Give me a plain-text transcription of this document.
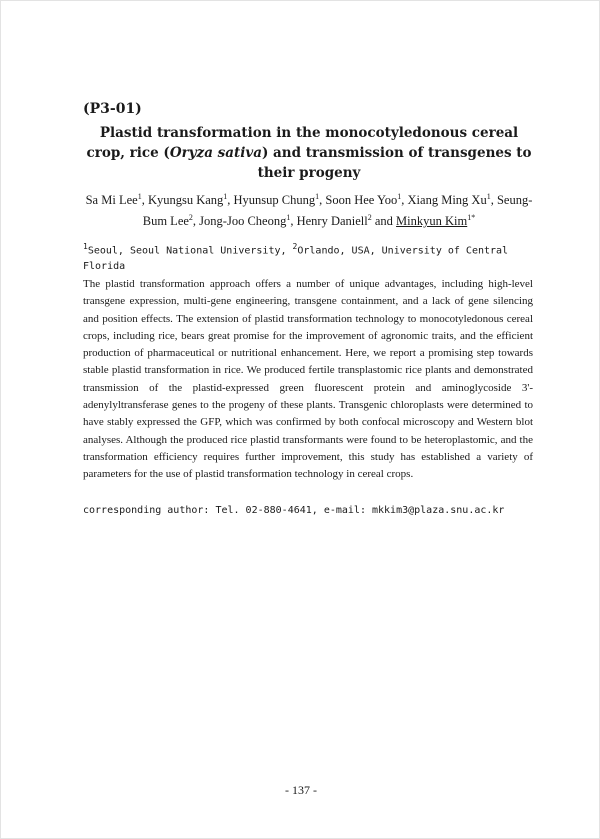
(P3-01)
Plastid transformation in the monocotyledonous cereal crop, rice (Oryza sativa) and transmission of transgenes to their progeny
Sa Mi Lee$^1$, Kyungsu Kang$^1$, Hyunsup Chung$^1$, Soon Hee Yoo$^1$, Xiang Ming Xu$^1$, Seung-Bum Lee$^2$, Jong-Joo Cheong$^1$, Henry Daniell$^2$ and Minkyun Kim$^{1*}$
$^1$Seoul, Seoul National University, $^2$Orlando, USA, University of Central Florida
The plastid transformation approach offers a number of unique advantages, including high-level transgene expression, multi-gene engineering, transgene containment, and a lack of gene silencing and position effects. The extension of plastid transformation technology to monocotyledonous cereal crops, including rice, bears great promise for the improvement of agronomic traits, and the efficient production of pharmaceutical or nutritional enhancement. Here, we report a promising step towards stable plastid transformation in rice. We produced fertile transplastomic rice plants and demonstrated transmission of the plastid-expressed green fluorescent protein and aminoglycoside 3'-adenylyltransferase genes to the progeny of these plants. Transgenic chloroplasts were determined to have stably expressed the GFP, which was confirmed by both confocal microscopy and Western blot analyses. Although the produced rice plastid transformants were found to be heteroplastomic, and the transformation efficiency requires further improvement, this study has established a variety of parameters for the use of plastid transformation technology in cereal crops.
corresponding author: Tel. 02-880-4641, e-mail: mkkim3@plaza.snu.ac.kr
- 137 -
